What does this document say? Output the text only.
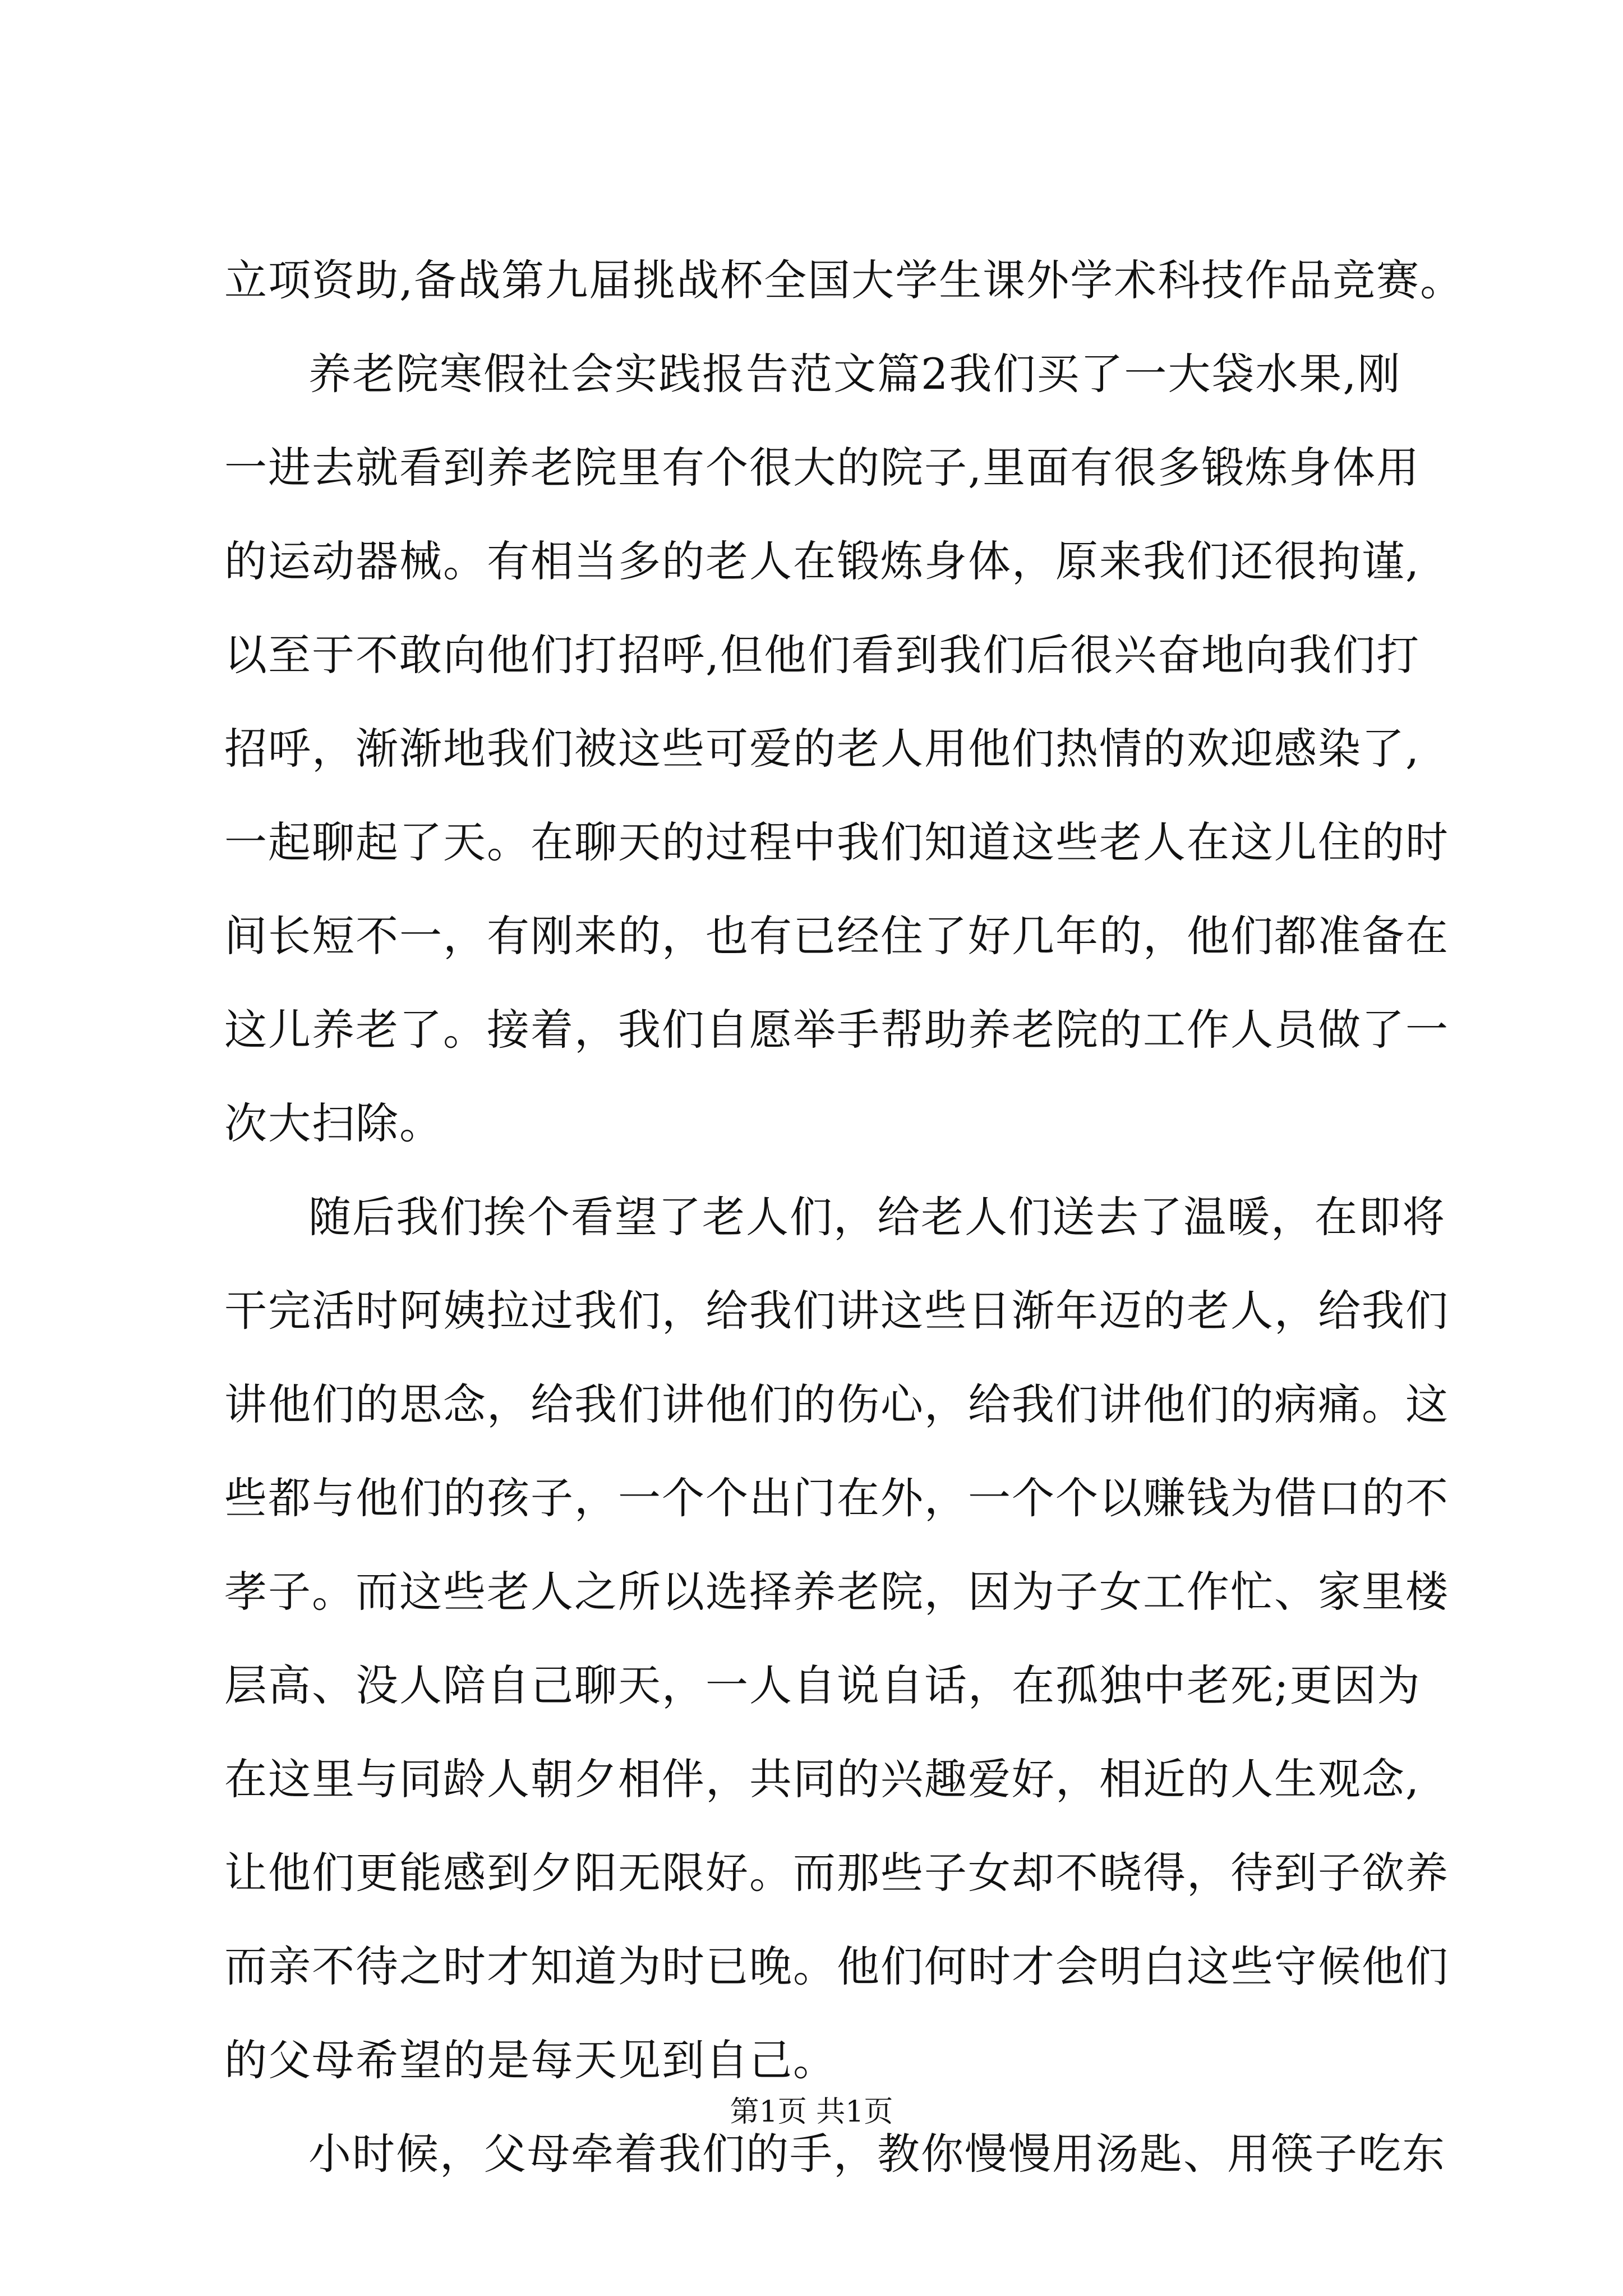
立项资助,备战第九届挑战杯全国大学生课外学术科技作品竞赛。
养老院寒假社会实践报告范文篇2我们买了一大袋水果,刚
一进去就看到养老院里有个很大的院子,里面有很多锻炼身体用
的运动器械。有相当多的老人在锻炼身体，原来我们还很拘谨,
以至于不敢向他们打招呼,但他们看到我们后很兴奋地向我们打
招呼，渐渐地我们被这些可爱的老人用他们热情的欢迎感染了,
一起聊起了天。在聊天的过程中我们知道这些老人在这儿住的时
间长短不一，有刚来的，也有已经住了好几年的，他们都准备在
这儿养老了。接着，我们自愿举手帮助养老院的工作人员做了一
次大扫除。
随后我们挨个看望了老人们，给老人们送去了温暖，在即将
干完活时阿姨拉过我们，给我们讲这些日渐年迈的老人，给我们
讲他们的思念，给我们讲他们的伤心，给我们讲他们的病痛。这
些都与他们的孩子，一个个出门在外，一个个以赚钱为借口的不
孝子。而这些老人之所以选择养老院，因为子女工作忙、家里楼
层高、没人陪自己聊天，一人自说自话，在孤独中老死;更因为
在这里与同龄人朝夕相伴，共同的兴趣爱好，相近的人生观念,
让他们更能感到夕阳无限好。而那些子女却不晓得，待到子欲养
而亲不待之时才知道为时已晚。他们何时才会明白这些守候他们
的父母希望的是每天见到自己。
小时候，父母牵着我们的手，教你慢慢用汤匙、用筷子吃东
第1页 共1页
